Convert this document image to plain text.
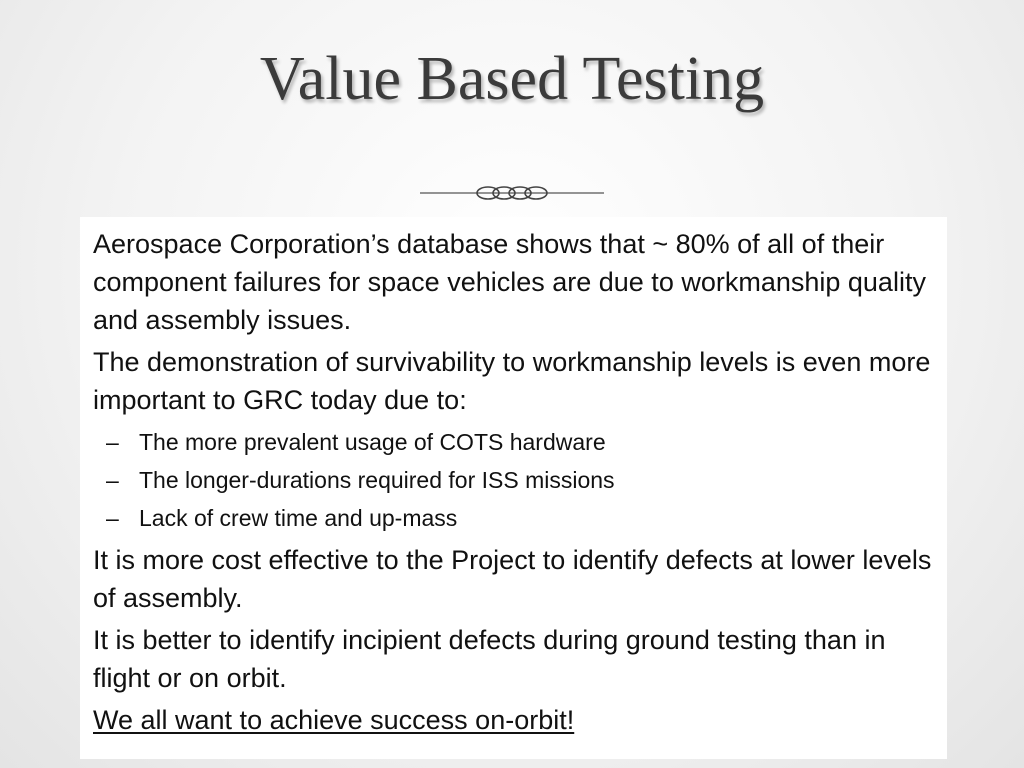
Value Based Testing

Aerospace Corporation’s database shows that ~ 80% of all of their component failures for space vehicles are due to workmanship quality and assembly issues.

The demonstration of survivability to workmanship levels is even more important to GRC today due to:

– The more prevalent usage of COTS hardware
– The longer-durations required for ISS missions
– Lack of crew time and up-mass

It is more cost effective to the Project to identify defects at lower levels of assembly.

It is better to identify incipient defects during ground testing than in flight or on orbit.

We all want to achieve success on-orbit!
